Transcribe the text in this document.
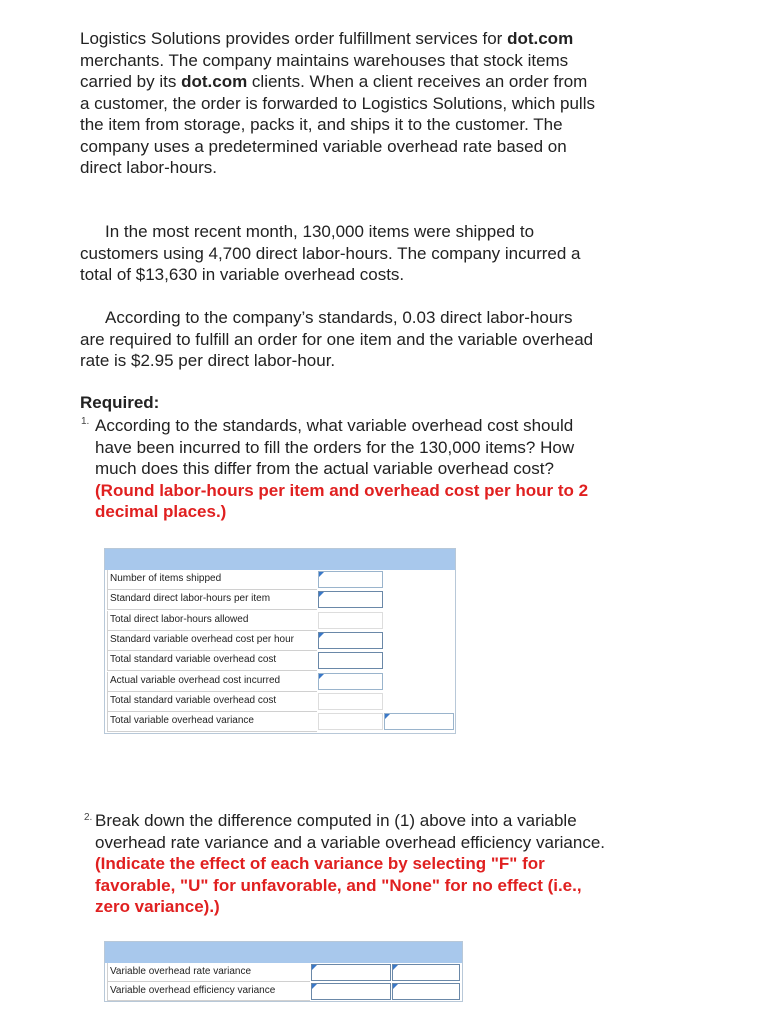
Logistics Solutions provides order fulfillment services for dot.com merchants. The company maintains warehouses that stock items carried by its dot.com clients. When a client receives an order from a customer, the order is forwarded to Logistics Solutions, which pulls the item from storage, packs it, and ships it to the customer. The company uses a predetermined variable overhead rate based on direct labor-hours.

In the most recent month, 130,000 items were shipped to customers using 4,700 direct labor-hours. The company incurred a total of $13,630 in variable overhead costs.

According to the company’s standards, 0.03 direct labor-hours are required to fulfill an order for one item and the variable overhead rate is $2.95 per direct labor-hour.

Required:

1. According to the standards, what variable overhead cost should have been incurred to fill the orders for the 130,000 items? How much does this differ from the actual variable overhead cost? (Round labor-hours per item and overhead cost per hour to 2 decimal places.)

Number of items shipped
Standard direct labor-hours per item
Total direct labor-hours allowed
Standard variable overhead cost per hour
Total standard variable overhead cost
Actual variable overhead cost incurred
Total standard variable overhead cost
Total variable overhead variance
2. Break down the difference computed in (1) above into a variable overhead rate variance and a variable overhead efficiency variance. (Indicate the effect of each variance by selecting "F" for favorable, "U" for unfavorable, and "None" for no effect (i.e., zero variance).)

Variable overhead rate variance
Variable overhead efficiency variance
